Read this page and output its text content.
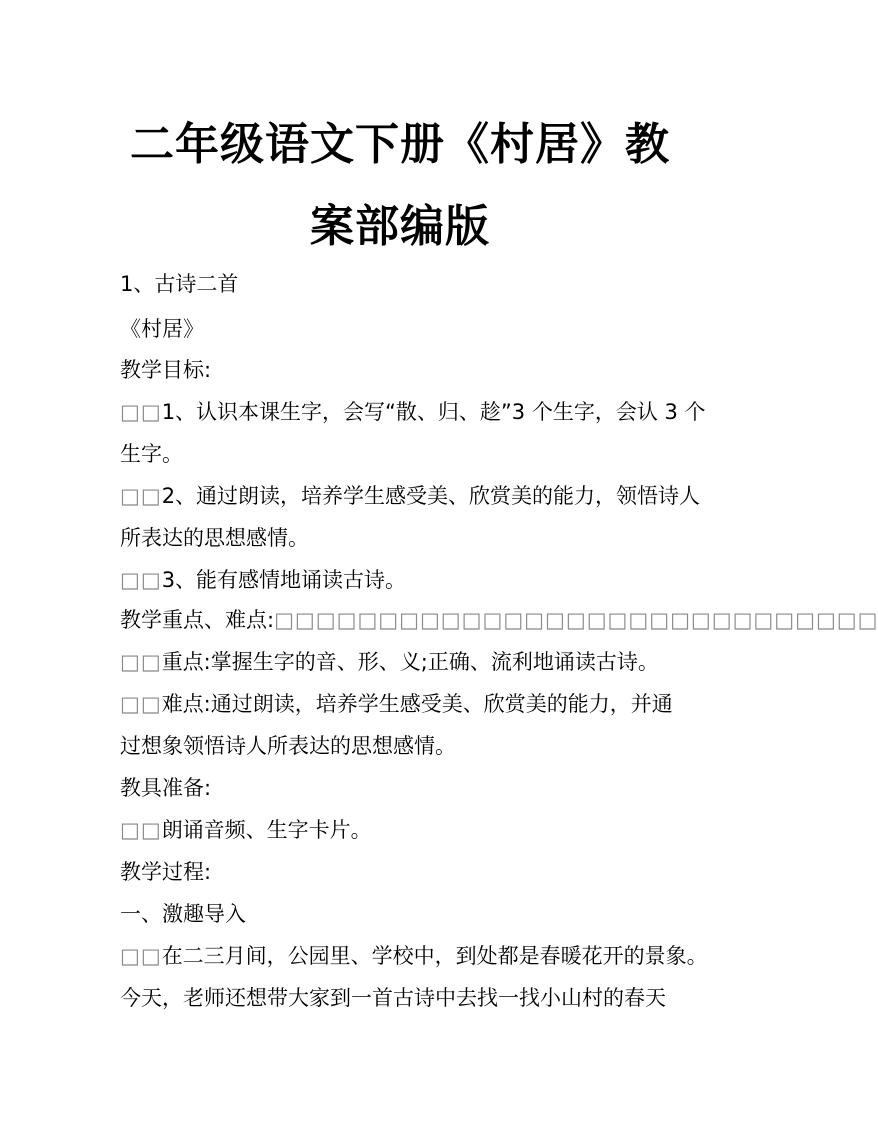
二年级语文下册《村居》教
案部编版
1、古诗二首
《村居》
教学目标:
□□1、认识本课生字，会写“散、归、趁”3 个生字，会认 3 个
生字。
□□2、通过朗读，培养学生感受美、欣赏美的能力，领悟诗人
所表达的思想感情。
□□3、能有感情地诵读古诗。
教学重点、难点:□□□□□□□□□□□□□□□□□□□□□□□□□□□□□
□□重点:掌握生字的音、形、义;正确、流利地诵读古诗。
□□难点:通过朗读，培养学生感受美、欣赏美的能力，并通
过想象领悟诗人所表达的思想感情。
教具准备:
□□朗诵音频、生字卡片。
教学过程:
一、激趣导入
□□在二三月间，公园里、学校中，到处都是春暖花开的景象。
今天，老师还想带大家到一首古诗中去找一找小山村的春天
